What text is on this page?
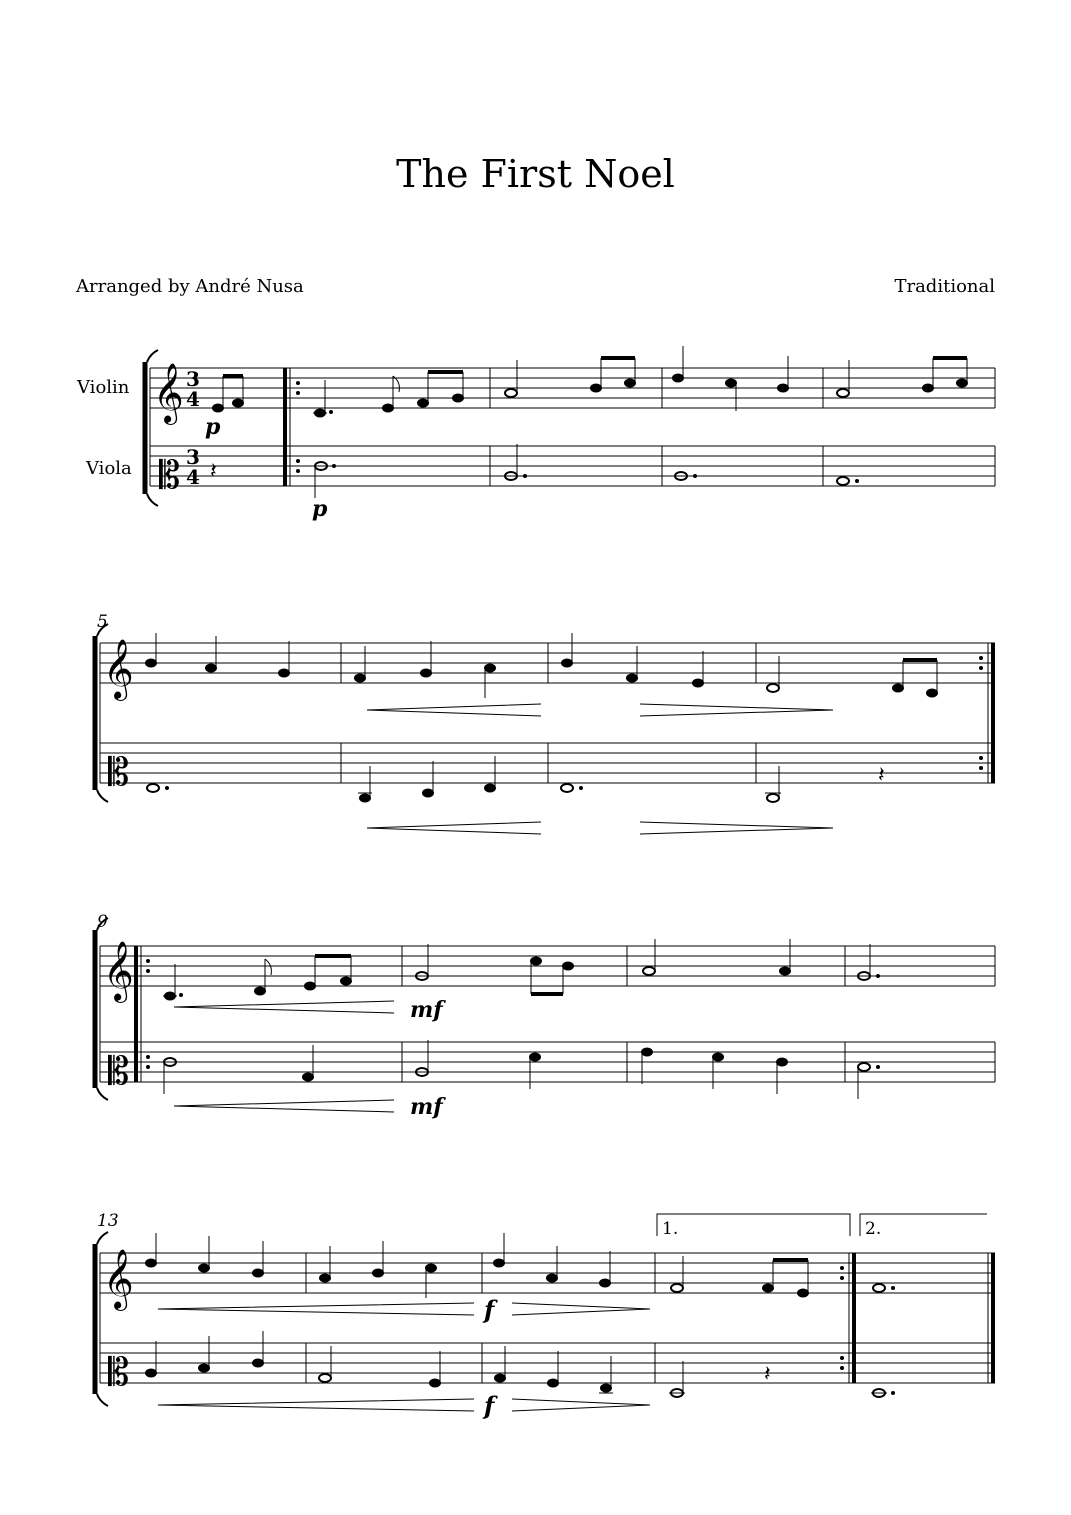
The First Noel
Arranged by André Nusa	Traditional
𝄞
𝄡
3
4
3
4
Violin
Viola	𝄽
p
p
5
𝄞
𝄡	𝄽
9
𝄞
𝄡
mf
mf
13	1.	2.
𝄞
𝄡	𝄽
f
f
